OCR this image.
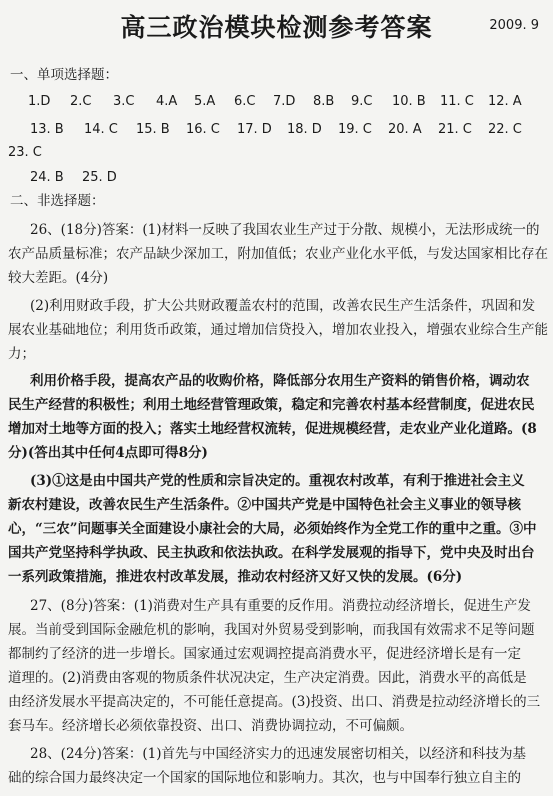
高三政治模块检测参考答案	2009. 9
一、单项选择题：
1.D 2.C 3.C 4.A 5.A 6.C 7.D 8.B 9.C 10. B 11. C 12. A
13. B 14. C 15. B 16. C 17. D 18. D 19. C 20. A 21. C 22. C
23. C
24. B 25. D
二、非选择题：
26、(18分)答案：(1)材料一反映了我国农业生产过于分散、规模小，无法形成统一的
农产品质量标准；农产品缺少深加工，附加值低；农业产业化水平低，与发达国家相比存在
较大差距。(4分)
(2)利用财政手段，扩大公共财政覆盖农村的范围，改善农民生产生活条件，巩固和发
展农业基础地位；利用货币政策，通过增加信贷投入，增加农业投入，增强农业综合生产能
力；
利用价格手段，提高农产品的收购价格，降低部分农用生产资料的销售价格，调动农
民生产经营的积极性；利用土地经营管理政策，稳定和完善农村基本经营制度，促进农民
增加对土地等方面的投入；落实土地经营权流转，促进规模经营，走农业产业化道路。(8
分)(答出其中任何4点即可得8分)
(3)①这是由中国共产党的性质和宗旨决定的。重视农村改革，有利于推进社会主义
新农村建设，改善农民生产生活条件。②中国共产党是中国特色社会主义事业的领导核
心，“三农”问题事关全面建设小康社会的大局，必须始终作为全党工作的重中之重。③中
国共产党坚持科学执政、民主执政和依法执政。在科学发展观的指导下，党中央及时出台
一系列政策措施，推进农村改革发展，推动农村经济又好又快的发展。(6分)
27、(8分)答案：(1)消费对生产具有重要的反作用。消费拉动经济增长，促进生产发
展。当前受到国际金融危机的影响，我国对外贸易受到影响，而我国有效需求不足等问题
都制约了经济的进一步增长。国家通过宏观调控提高消费水平，促进经济增长是有一定
道理的。(2)消费由客观的物质条件状况决定，生产决定消费。因此，消费水平的高低是
由经济发展水平提高决定的，不可能任意提高。(3)投资、出口、消费是拉动经济增长的三
套马车。经济增长必须依靠投资、出口、消费协调拉动，不可偏颇。
28、(24分)答案：(1)首先与中国经济实力的迅速发展密切相关，以经济和科技为基
础的综合国力最终决定一个国家的国际地位和影响力。其次，也与中国奉行独立自主的
